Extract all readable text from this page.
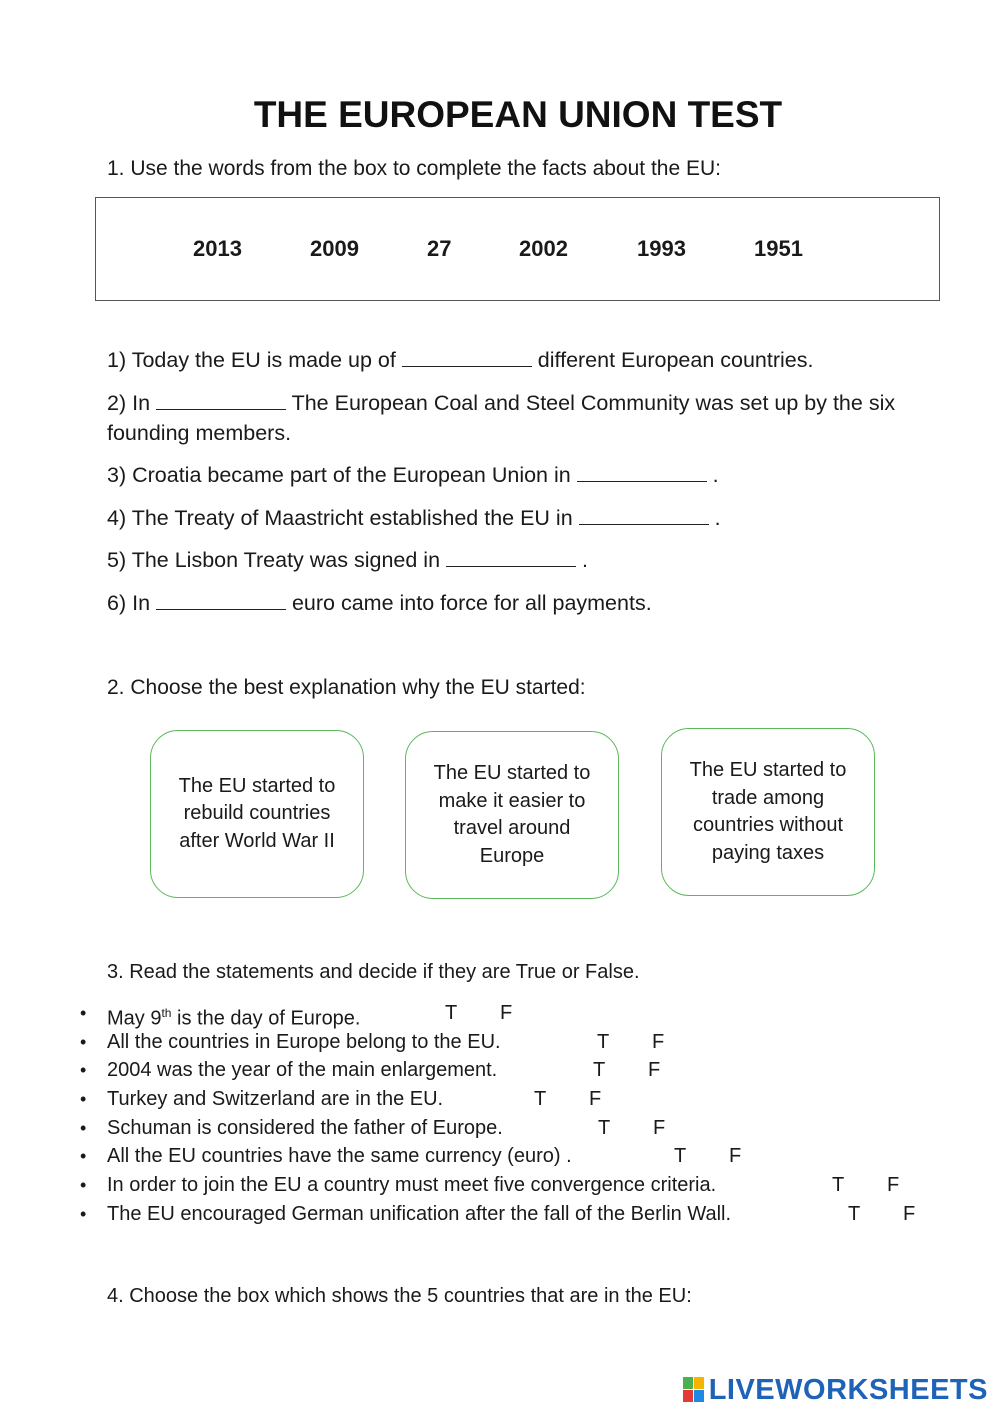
THE EUROPEAN UNION TEST
1. Use the words from the box to complete the facts about the EU:
2013	2009	27	2002	1993	1951
1) Today the EU is made up of	different European countries.
2) In	The European Coal and Steel Community was set up by the six founding members.
3) Croatia became part of the European Union in	.
4) The Treaty of Maastricht established the EU in	.
5) The Lisbon Treaty was signed in	.
6) In	euro came into force for all payments.
2. Choose the best explanation why the EU started:
The EU started to rebuild countries after World War II
The EU started to make it easier to travel around Europe
The EU started to trade among countries without paying taxes
3. Read the statements and decide if they are True or False.
• May 9th is the day of Europe.	T F
• All the countries in Europe belong to the EU.	T F
• 2004 was the year of the main enlargement.	T F
• Turkey and Switzerland are in the EU.	T F
• Schuman is considered the father of Europe.	T F
• All the EU countries have the same currency (euro) .	T F
• In order to join the EU a country must meet five convergence criteria.	T F
• The EU encouraged German unification after the fall of the Berlin Wall.	T F
4. Choose the box which shows the 5 countries that are in the EU:
LIVEWORKSHEETS
